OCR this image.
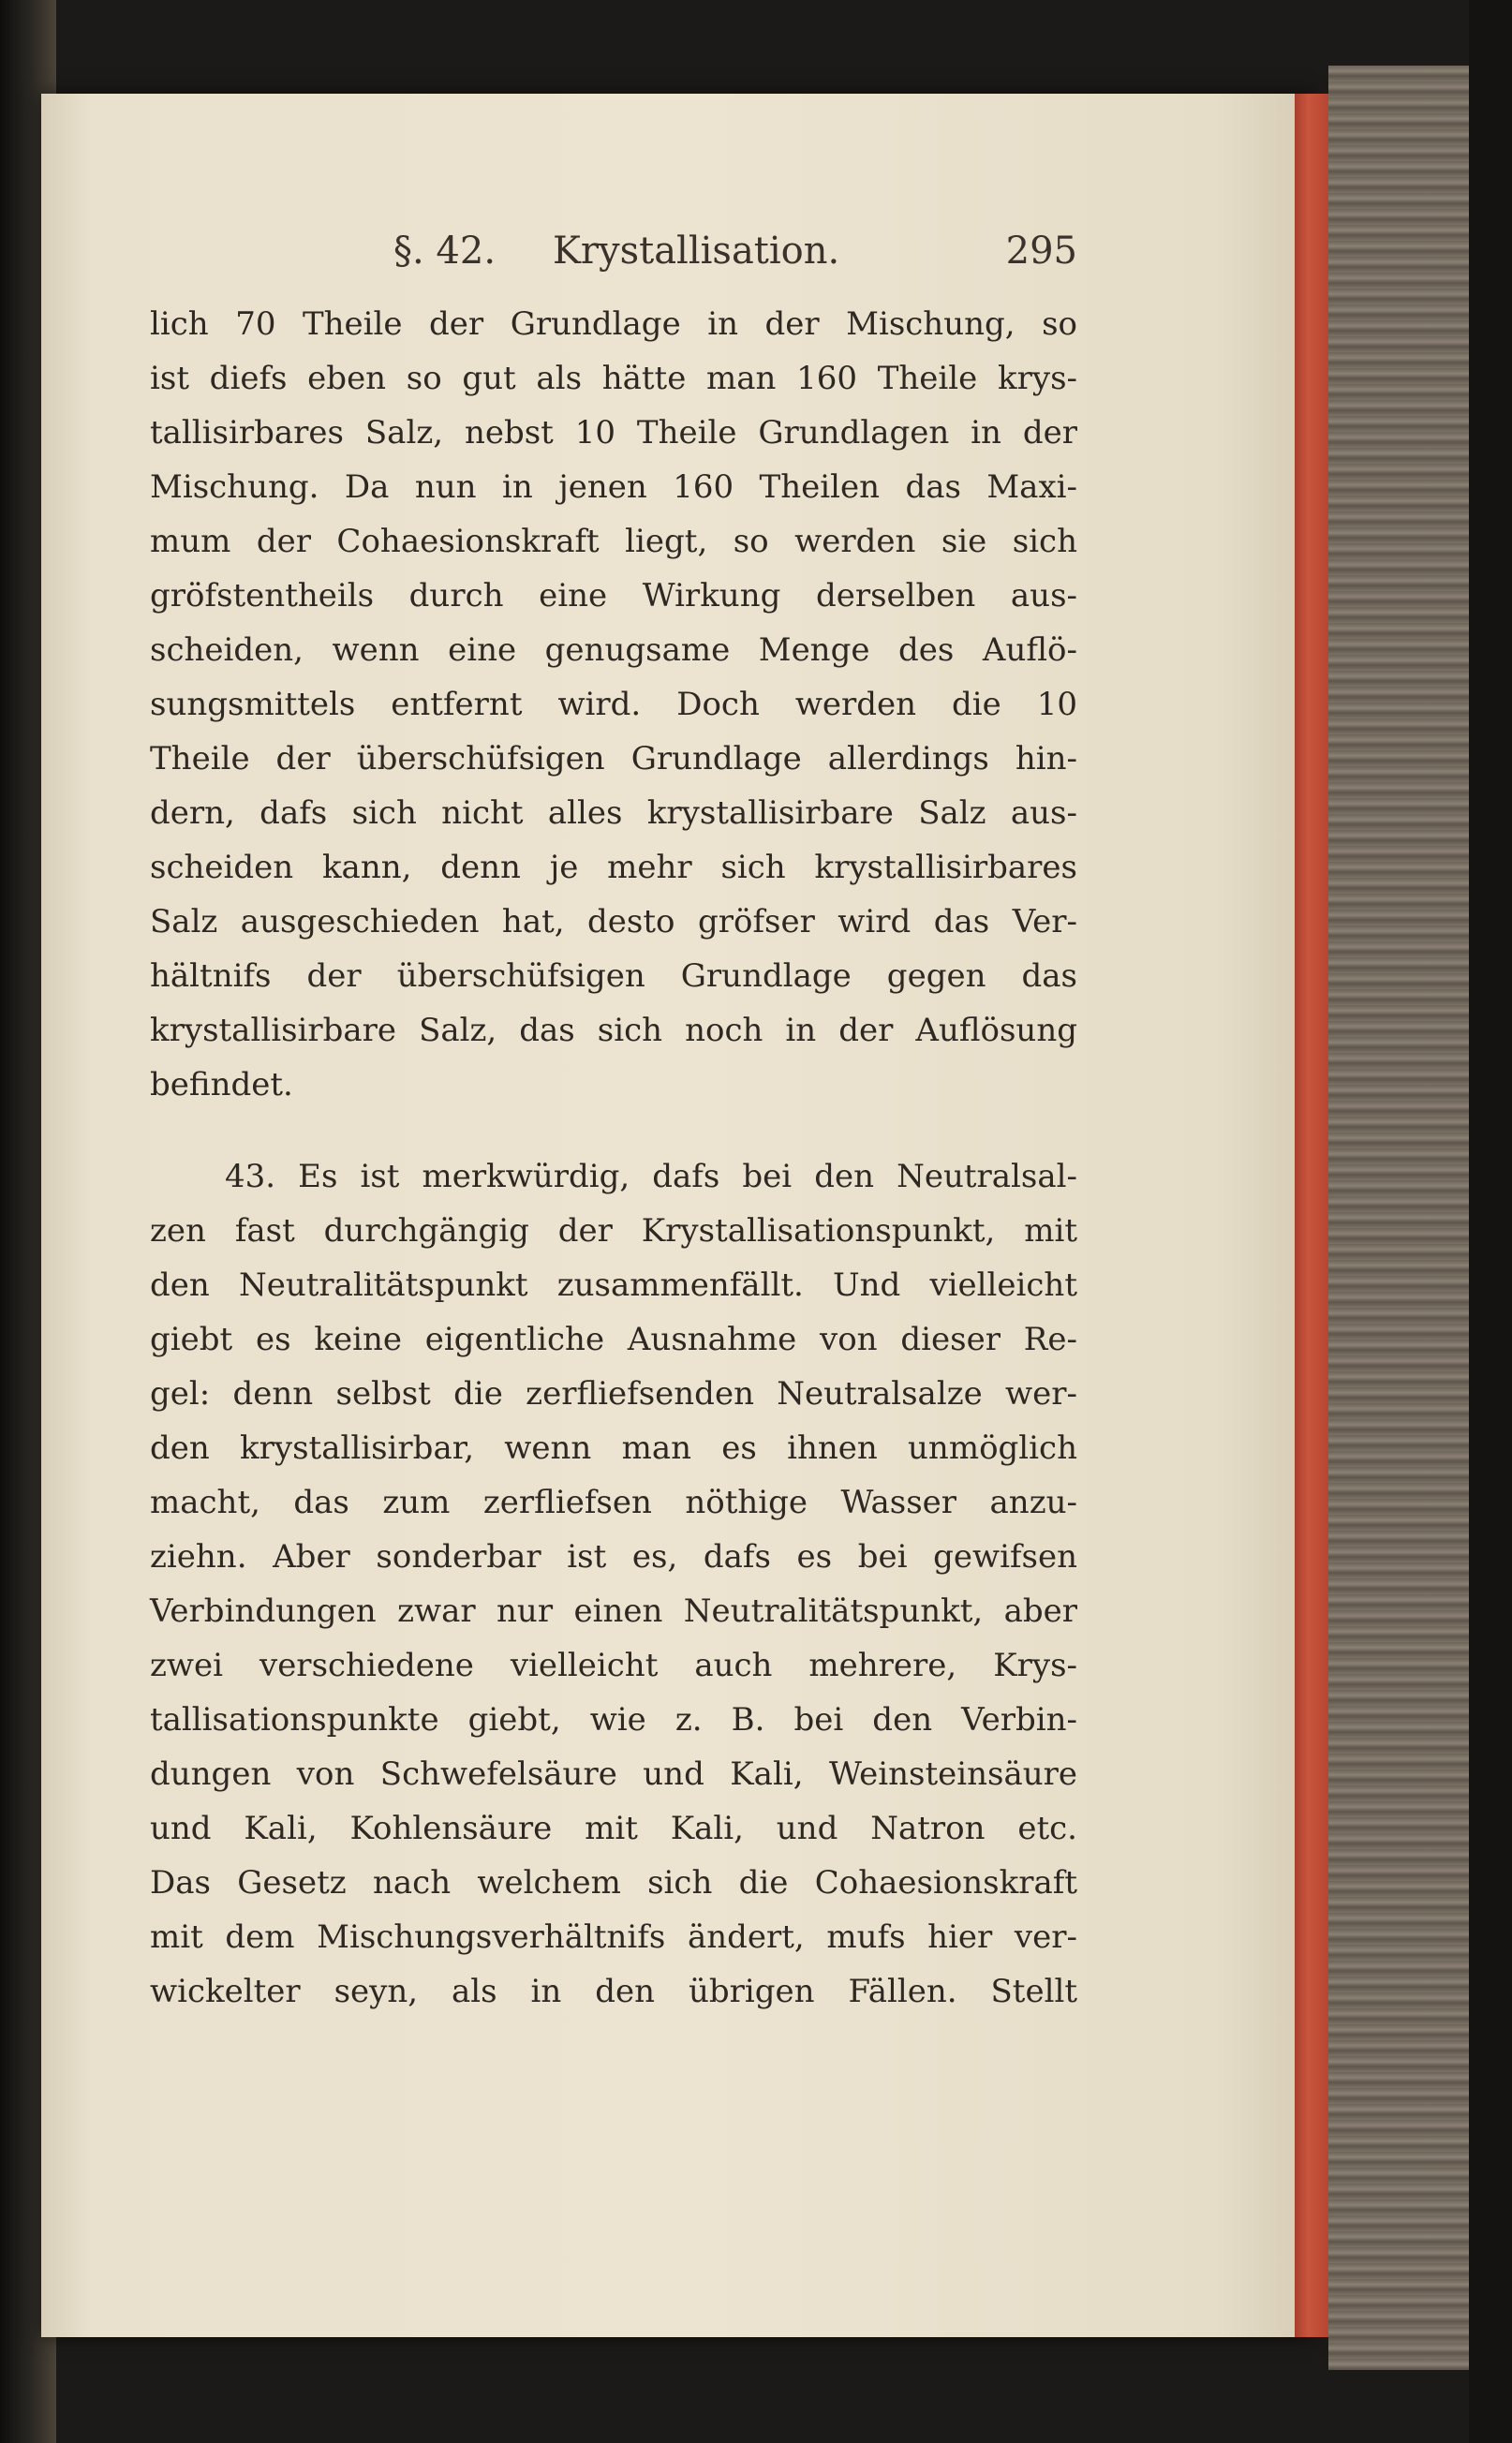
§. 42. Krystallisation.	295
lich 70 Theile der Grundlage in der Mischung, so
ist diefs eben so gut als hätte man 160 Theile krys-
tallisirbares Salz, nebst 10 Theile Grundlagen in der
Mischung. Da nun in jenen 160 Theilen das Maxi-
mum der Cohaesionskraft liegt, so werden sie sich
gröfstentheils durch eine Wirkung derselben aus-
scheiden, wenn eine genugsame Menge des Auflö-
sungsmittels entfernt wird. Doch werden die 10
Theile der überschüfsigen Grundlage allerdings hin-
dern, dafs sich nicht alles krystallisirbare Salz aus-
scheiden kann, denn je mehr sich krystallisirbares
Salz ausgeschieden hat, desto gröfser wird das Ver-
hältnifs der überschüfsigen Grundlage gegen das
krystallisirbare Salz, das sich noch in der Auflösung
befindet.
43. Es ist merkwürdig, dafs bei den Neutralsal-
zen fast durchgängig der Krystallisationspunkt, mit
den Neutralitätspunkt zusammenfällt. Und vielleicht
giebt es keine eigentliche Ausnahme von dieser Re-
gel: denn selbst die zerfliefsenden Neutralsalze wer-
den krystallisirbar, wenn man es ihnen unmöglich
macht, das zum zerfliefsen nöthige Wasser anzu-
ziehn. Aber sonderbar ist es, dafs es bei gewifsen
Verbindungen zwar nur einen Neutralitätspunkt, aber
zwei verschiedene vielleicht auch mehrere, Krys-
tallisationspunkte giebt, wie z. B. bei den Verbin-
dungen von Schwefelsäure und Kali, Weinsteinsäure
und Kali, Kohlensäure mit Kali, und Natron etc.
Das Gesetz nach welchem sich die Cohaesionskraft
mit dem Mischungsverhältnifs ändert, mufs hier ver-
wickelter seyn, als in den übrigen Fällen. Stellt
